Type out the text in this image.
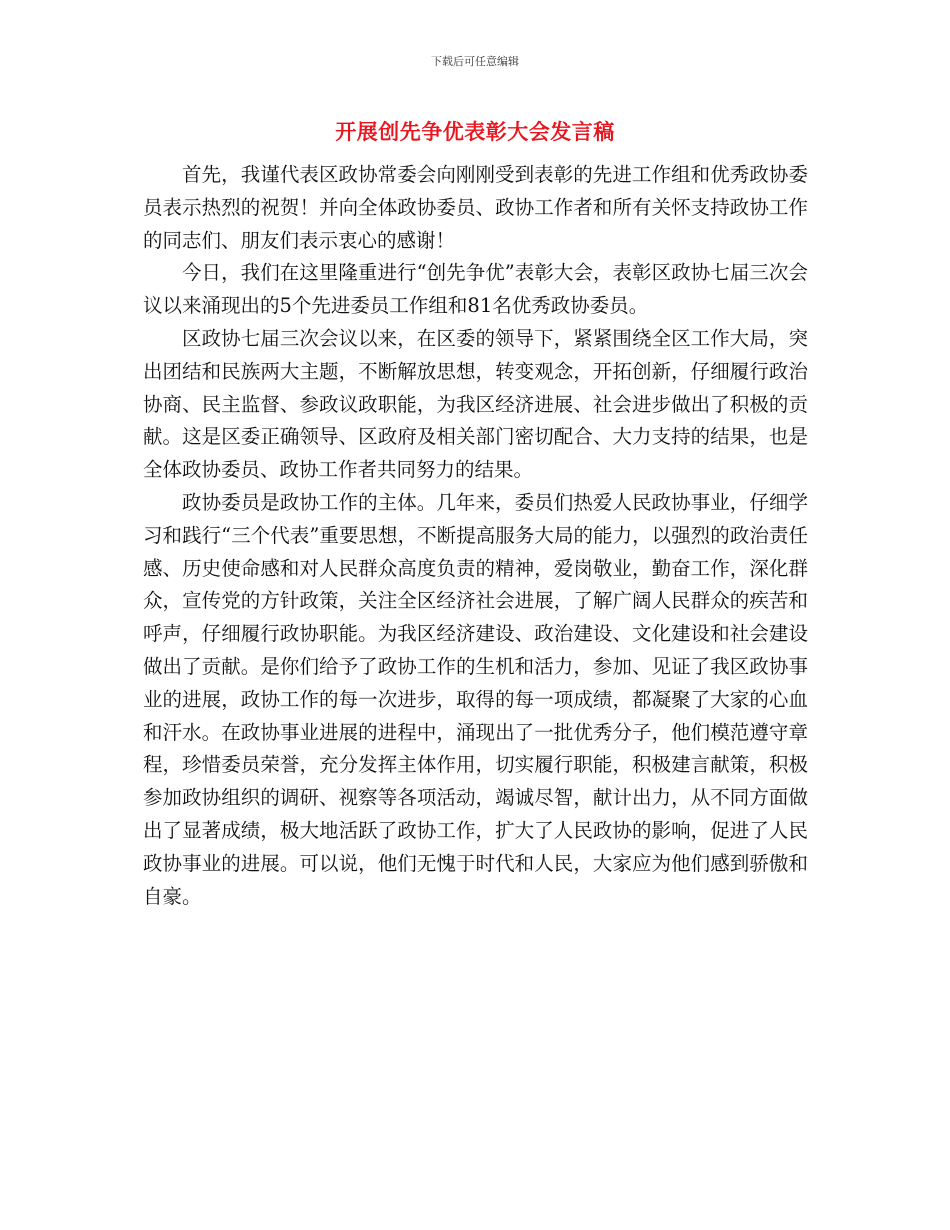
下载后可任意编辑
开展创先争优表彰大会发言稿

首先，我谨代表区政协常委会向刚刚受到表彰的先进工作组和优秀政协委员表示热烈的祝贺！并向全体政协委员、政协工作者和所有关怀支持政协工作的同志们、朋友们表示衷心的感谢！

今日，我们在这里隆重进行“创先争优”表彰大会，表彰区政协七届三次会议以来涌现出的5个先进委员工作组和81名优秀政协委员。

区政协七届三次会议以来，在区委的领导下，紧紧围绕全区工作大局，突出团结和民族两大主题，不断解放思想，转变观念，开拓创新，仔细履行政治协商、民主监督、参政议政职能，为我区经济进展、社会进步做出了积极的贡献。这是区委正确领导、区政府及相关部门密切配合、大力支持的结果，也是全体政协委员、政协工作者共同努力的结果。

政协委员是政协工作的主体。几年来，委员们热爱人民政协事业，仔细学习和践行“三个代表”重要思想，不断提高服务大局的能力，以强烈的政治责任感、历史使命感和对人民群众高度负责的精神，爱岗敬业，勤奋工作，深化群众，宣传党的方针政策，关注全区经济社会进展，了解广阔人民群众的疾苦和呼声，仔细履行政协职能。为我区经济建设、政治建设、文化建设和社会建设做出了贡献。是你们给予了政协工作的生机和活力，参加、见证了我区政协事业的进展，政协工作的每一次进步，取得的每一项成绩，都凝聚了大家的心血和汗水。在政协事业进展的进程中，涌现出了一批优秀分子，他们模范遵守章程，珍惜委员荣誉，充分发挥主体作用，切实履行职能，积极建言献策，积极参加政协组织的调研、视察等各项活动，竭诚尽智，献计出力，从不同方面做出了显著成绩，极大地活跃了政协工作，扩大了人民政协的影响，促进了人民政协事业的进展。可以说，他们无愧于时代和人民，大家应为他们感到骄傲和自豪。
